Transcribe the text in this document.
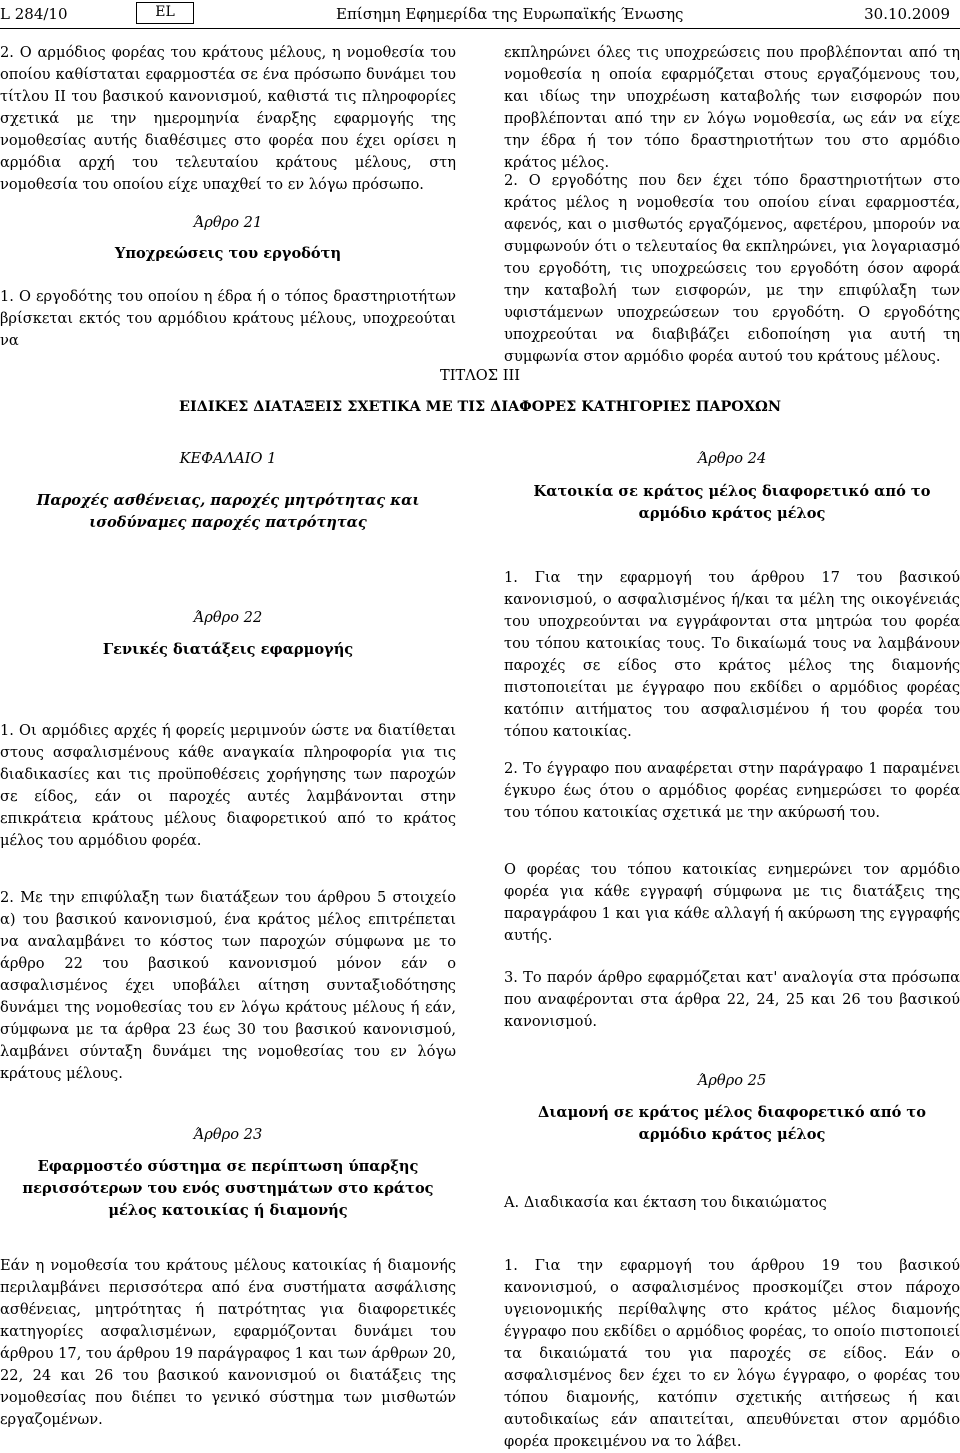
L 284/10	EL	Επίσημη Εφημερίδα της Ευρωπαϊκής Ένωσης	30.10.2009

2. Ο αρμόδιος φορέας του κράτους μέλους, η νομοθεσία του οποίου καθίσταται εφαρμοστέα σε ένα πρόσωπο δυνάμει του τίτλου ΙΙ του βασικού κανονισμού, καθιστά τις πληροφορίες σχετικά με την ημερομηνία έναρξης εφαρμογής της νομοθεσίας αυτής διαθέσιμες στο φορέα που έχει ορίσει η αρμόδια αρχή του τελευταίου κράτους μέλους, στη νομοθεσία του οποίου είχε υπαχθεί το εν λόγω πρόσωπο.

Άρθρο 21
Υποχρεώσεις του εργοδότη

1. Ο εργοδότης του οποίου η έδρα ή ο τόπος δραστηριοτήτων βρίσκεται εκτός του αρμόδιου κράτους μέλους, υποχρεούται να

εκπληρώνει όλες τις υποχρεώσεις που προβλέπονται από τη νομοθεσία η οποία εφαρμόζεται στους εργαζόμενους του, και ιδίως την υποχρέωση καταβολής των εισφορών που προβλέπονται από την εν λόγω νομοθεσία, ως εάν να είχε την έδρα ή τον τόπο δραστηριοτήτων του στο αρμόδιο κράτος μέλος.

2. Ο εργοδότης που δεν έχει τόπο δραστηριοτήτων στο κράτος μέλος η νομοθεσία του οποίου είναι εφαρμοστέα, αφενός, και ο μισθωτός εργαζόμενος, αφετέρου, μπορούν να συμφωνούν ότι ο τελευταίος θα εκπληρώνει, για λογαριασμό του εργοδότη, τις υποχρεώσεις του εργοδότη όσον αφορά την καταβολή των εισφορών, με την επιφύλαξη των υφιστάμενων υποχρεώσεων του εργοδότη. Ο εργοδότης υποχρεούται να διαβιβάζει ειδοποίηση για αυτή τη συμφωνία στον αρμόδιο φορέα αυτού του κράτους μέλους.

ΤΙΤΛΟΣ III
ΕΙΔΙΚΕΣ ΔΙΑΤΑΞΕΙΣ ΣΧΕΤΙΚΑ ΜΕ ΤΙΣ ΔΙΑΦΟΡΕΣ ΚΑΤΗΓΟΡΙΕΣ ΠΑΡΟΧΩΝ
ΚΕΦΑΛΑΙΟ 1
Παροχές ασθένειας, παροχές μητρότητας και ισοδύναμες παροχές πατρότητας
Άρθρο 22
Γενικές διατάξεις εφαρμογής

1. Οι αρμόδιες αρχές ή φορείς μεριμνούν ώστε να διατίθεται στους ασφαλισμένους κάθε αναγκαία πληροφορία για τις διαδικασίες και τις προϋποθέσεις χορήγησης των παροχών σε είδος, εάν οι παροχές αυτές λαμβάνονται στην επικράτεια κράτους μέλους διαφορετικού από το κράτος μέλος του αρμόδιου φορέα.

2. Με την επιφύλαξη των διατάξεων του άρθρου 5 στοιχείο α) του βασικού κανονισμού, ένα κράτος μέλος επιτρέπεται να αναλαμβάνει το κόστος των παροχών σύμφωνα με το άρθρο 22 του βασικού κανονισμού μόνον εάν ο ασφαλισμένος έχει υποβάλει αίτηση συνταξιοδότησης δυνάμει της νομοθεσίας του εν λόγω κράτους μέλους ή εάν, σύμφωνα με τα άρθρα 23 έως 30 του βασικού κανονισμού, λαμβάνει σύνταξη δυνάμει της νομοθεσίας του εν λόγω κράτους μέλους.

Άρθρο 23
Εφαρμοστέο σύστημα σε περίπτωση ύπαρξης περισσότερων του ενός συστημάτων στο κράτος μέλος κατοικίας ή διαμονής

Εάν η νομοθεσία του κράτους μέλους κατοικίας ή διαμονής περιλαμβάνει περισσότερα από ένα συστήματα ασφάλισης ασθένειας, μητρότητας ή πατρότητας για διαφορετικές κατηγορίες ασφαλισμένων, εφαρμόζονται δυνάμει του άρθρου 17, του άρθρου 19 παράγραφος 1 και των άρθρων 20, 22, 24 και 26 του βασικού κανονισμού οι διατάξεις της νομοθεσίας που διέπει το γενικό σύστημα των μισθωτών εργαζομένων.

Άρθρο 24
Κατοικία σε κράτος μέλος διαφορετικό από το αρμόδιο κράτος μέλος

1. Για την εφαρμογή του άρθρου 17 του βασικού κανονισμού, ο ασφαλισμένος ή/και τα μέλη της οικογένειάς του υποχρεούνται να εγγράφονται στα μητρώα του φορέα του τόπου κατοικίας τους. Το δικαίωμά τους να λαμβάνουν παροχές σε είδος στο κράτος μέλος της διαμονής πιστοποιείται με έγγραφο που εκδίδει ο αρμόδιος φορέας κατόπιν αιτήματος του ασφαλισμένου ή του φορέα του τόπου κατοικίας.

2. Το έγγραφο που αναφέρεται στην παράγραφο 1 παραμένει έγκυρο έως ότου ο αρμόδιος φορέας ενημερώσει το φορέα του τόπου κατοικίας σχετικά με την ακύρωσή του.

Ο φορέας του τόπου κατοικίας ενημερώνει τον αρμόδιο φορέα για κάθε εγγραφή σύμφωνα με τις διατάξεις της παραγράφου 1 και για κάθε αλλαγή ή ακύρωση της εγγραφής αυτής.

3. Το παρόν άρθρο εφαρμόζεται κατ' αναλογία στα πρόσωπα που αναφέρονται στα άρθρα 22, 24, 25 και 26 του βασικού κανονισμού.

Άρθρο 25
Διαμονή σε κράτος μέλος διαφορετικό από το αρμόδιο κράτος μέλος
Α. Διαδικασία και έκταση του δικαιώματος

1. Για την εφαρμογή του άρθρου 19 του βασικού κανονισμού, ο ασφαλισμένος προσκομίζει στον πάροχο υγειονομικής περίθαλψης στο κράτος μέλος διαμονής έγγραφο που εκδίδει ο αρμόδιος φορέας, το οποίο πιστοποιεί τα δικαιώματά του για παροχές σε είδος. Εάν ο ασφαλισμένος δεν έχει το εν λόγω έγγραφο, ο φορέας του τόπου διαμονής, κατόπιν σχετικής αιτήσεως ή και αυτοδικαίως εάν απαιτείται, απευθύνεται στον αρμόδιο φορέα προκειμένου να το λάβει.
